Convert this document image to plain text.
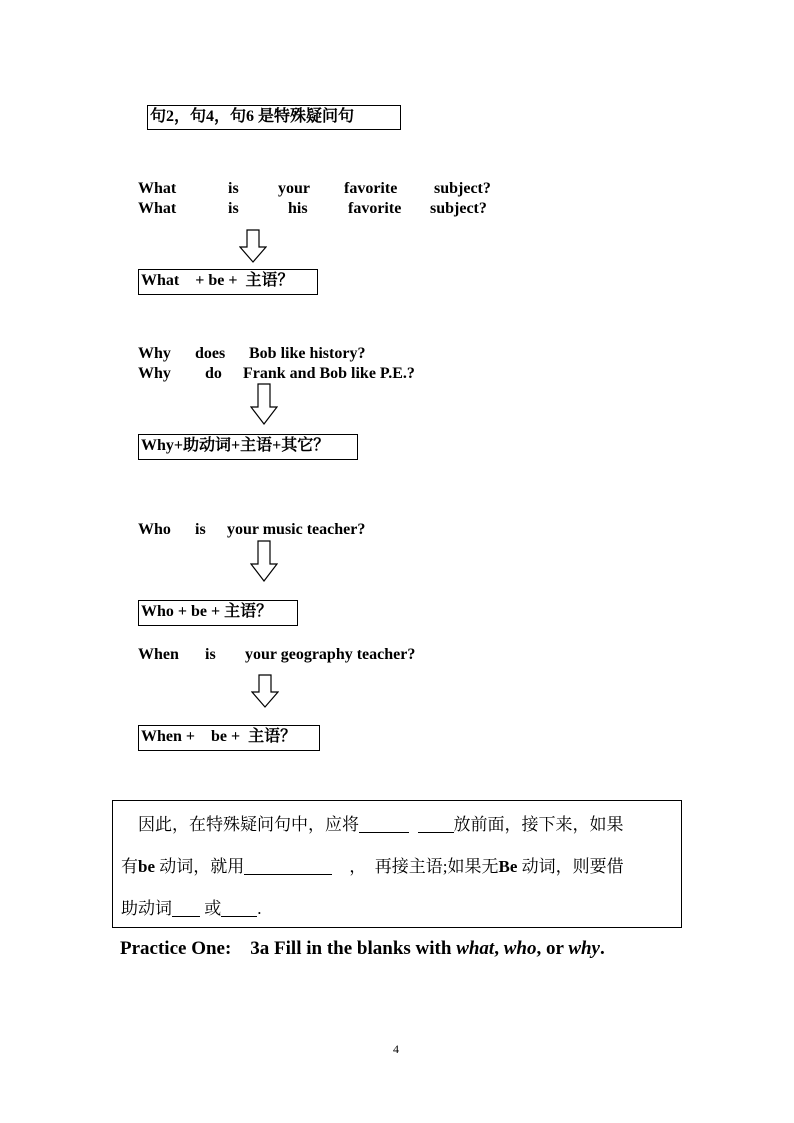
句2，句4，句6 是特殊疑问句
What	is your favorite subject?
What	is	his	favorite subject?
What    + be +  主语？
Why does Bob like history?
Why do Frank and Bob like P.E.?
Why+助动词+主语+其它？
Who is your music teacher?
Who + be + 主语？
When is your geography teacher?
When +    be +  主语？
因此，在特殊疑问句中，应将	放前面，接下来，如果
有be 动词，就用	， 再接主语;如果无Be 动词，则要借
助动词 或 .
Practice One:    3a Fill in the blanks with what, who, or why.
4
